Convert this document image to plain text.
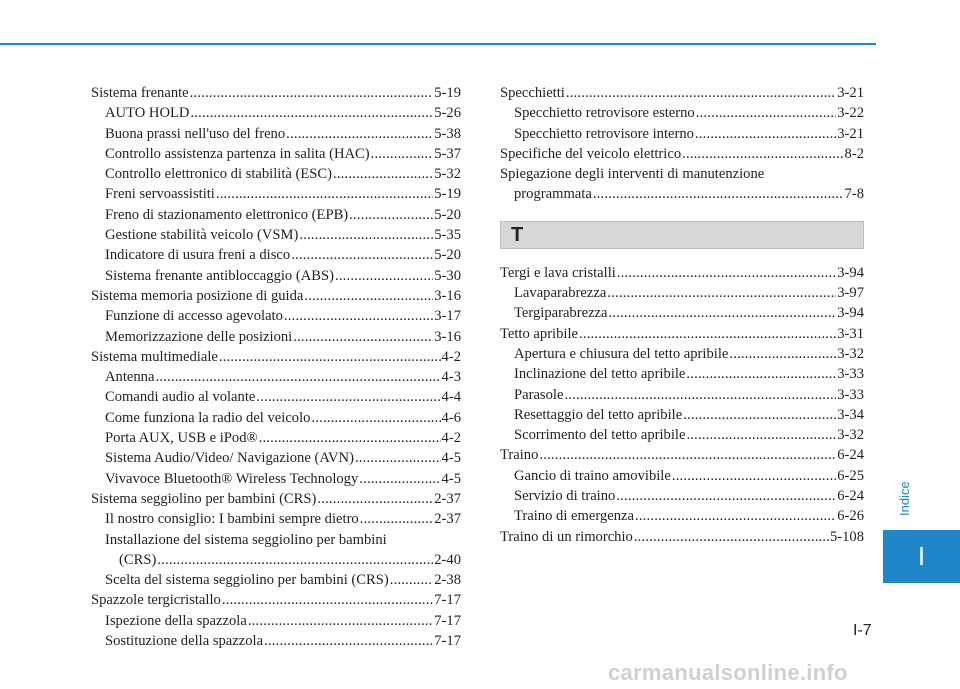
Sistema frenante .....	5-19
AUTO HOLD .....	5-26
Buona prassi nell'uso del freno .....	5-38
Controllo assistenza partenza in salita (HAC) .....	5-37
Controllo elettronico di stabilità (ESC) .....	5-32
Freni servoassistiti .....	5-19
Freno di stazionamento elettronico (EPB) .....	5-20
Gestione stabilità veicolo (VSM) .....	5-35
Indicatore di usura freni a disco .....	5-20
Sistema frenante antibloccaggio (ABS) .....	5-30
Sistema memoria posizione di guida .....	3-16
Funzione di accesso agevolato .....	3-17
Memorizzazione delle posizioni .....	3-16
Sistema multimediale .....	4-2
Antenna .....	4-3
Comandi audio al volante .....	4-4
Come funziona la radio del veicolo .....	4-6
Porta AUX, USB e iPod® .....	4-2
Sistema Audio/Video/ Navigazione (AVN) .....	4-5
Vivavoce Bluetooth® Wireless Technology .....	4-5
Sistema seggiolino per bambini (CRS) .....	2-37
Il nostro consiglio: I bambini sempre dietro .....	2-37
Installazione del sistema seggiolino per bambini
(CRS) .....	2-40
Scelta del sistema seggiolino per bambini (CRS) .....	2-38
Spazzole tergicristallo .....	7-17
Ispezione della spazzola .....	7-17
Sostituzione della spazzola .....	7-17
Specchietti .....	3-21
Specchietto retrovisore esterno .....	3-22
Specchietto retrovisore interno .....	3-21
Specifiche del veicolo elettrico .....	8-2
Spiegazione degli interventi di manutenzione
programmata .....	7-8
T
Tergi e lava cristalli .....	3-94
Lavaparabrezza .....	3-97
Tergiparabrezza .....	3-94
Tetto apribile .....	3-31
Apertura e chiusura del tetto apribile .....	3-32
Inclinazione del tetto apribile .....	3-33
Parasole .....	3-33
Resettaggio del tetto apribile .....	3-34
Scorrimento del tetto apribile .....	3-32
Traino .....	6-24
Gancio di traino amovibile .....	6-25
Servizio di traino .....	6-24
Traino di emergenza .....	6-26
Traino di un rimorchio .....	5-108
Indice
I
I-7
carmanualsonline.info
